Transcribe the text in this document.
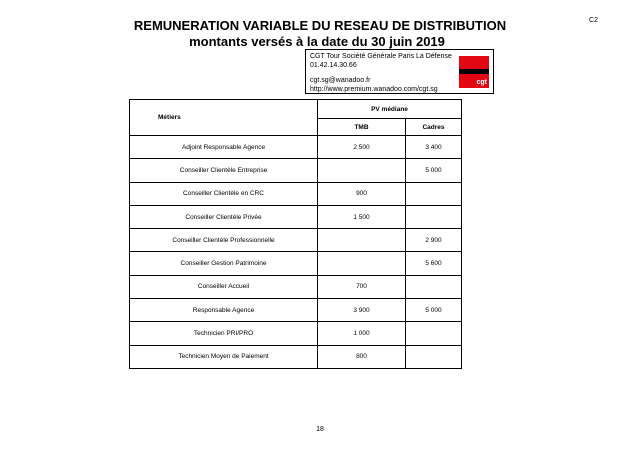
C2
REMUNERATION VARIABLE DU RESEAU DE DISTRIBUTION
montants versés à la date du 30 juin 2019
CGT Tour Société Générale Paris La Défense
01.42.14.30.66
cgt.sg@wanadoo.fr
http://www.premium.wanadoo.com/cgt.sg
cgt
Métiers	PV médiane	
	TMB	Cadres
Adjoint Responsable Agence	2 500	3 400
Conseiller Clientèle Entreprise		5 000
Conseiller Clientèle en CRC	900	
Conseiller Clientèle Privée	1 500	
Conseiller Clientèle Professionnelle		2 900
Conseiller Gestion Patrimoine		5 600
Conseiller Accueil	700	
Responsable Agence	3 900	5 000
Technicien PRI/PRO	1 000	
Technicien Moyen de Paiement	800	
18
